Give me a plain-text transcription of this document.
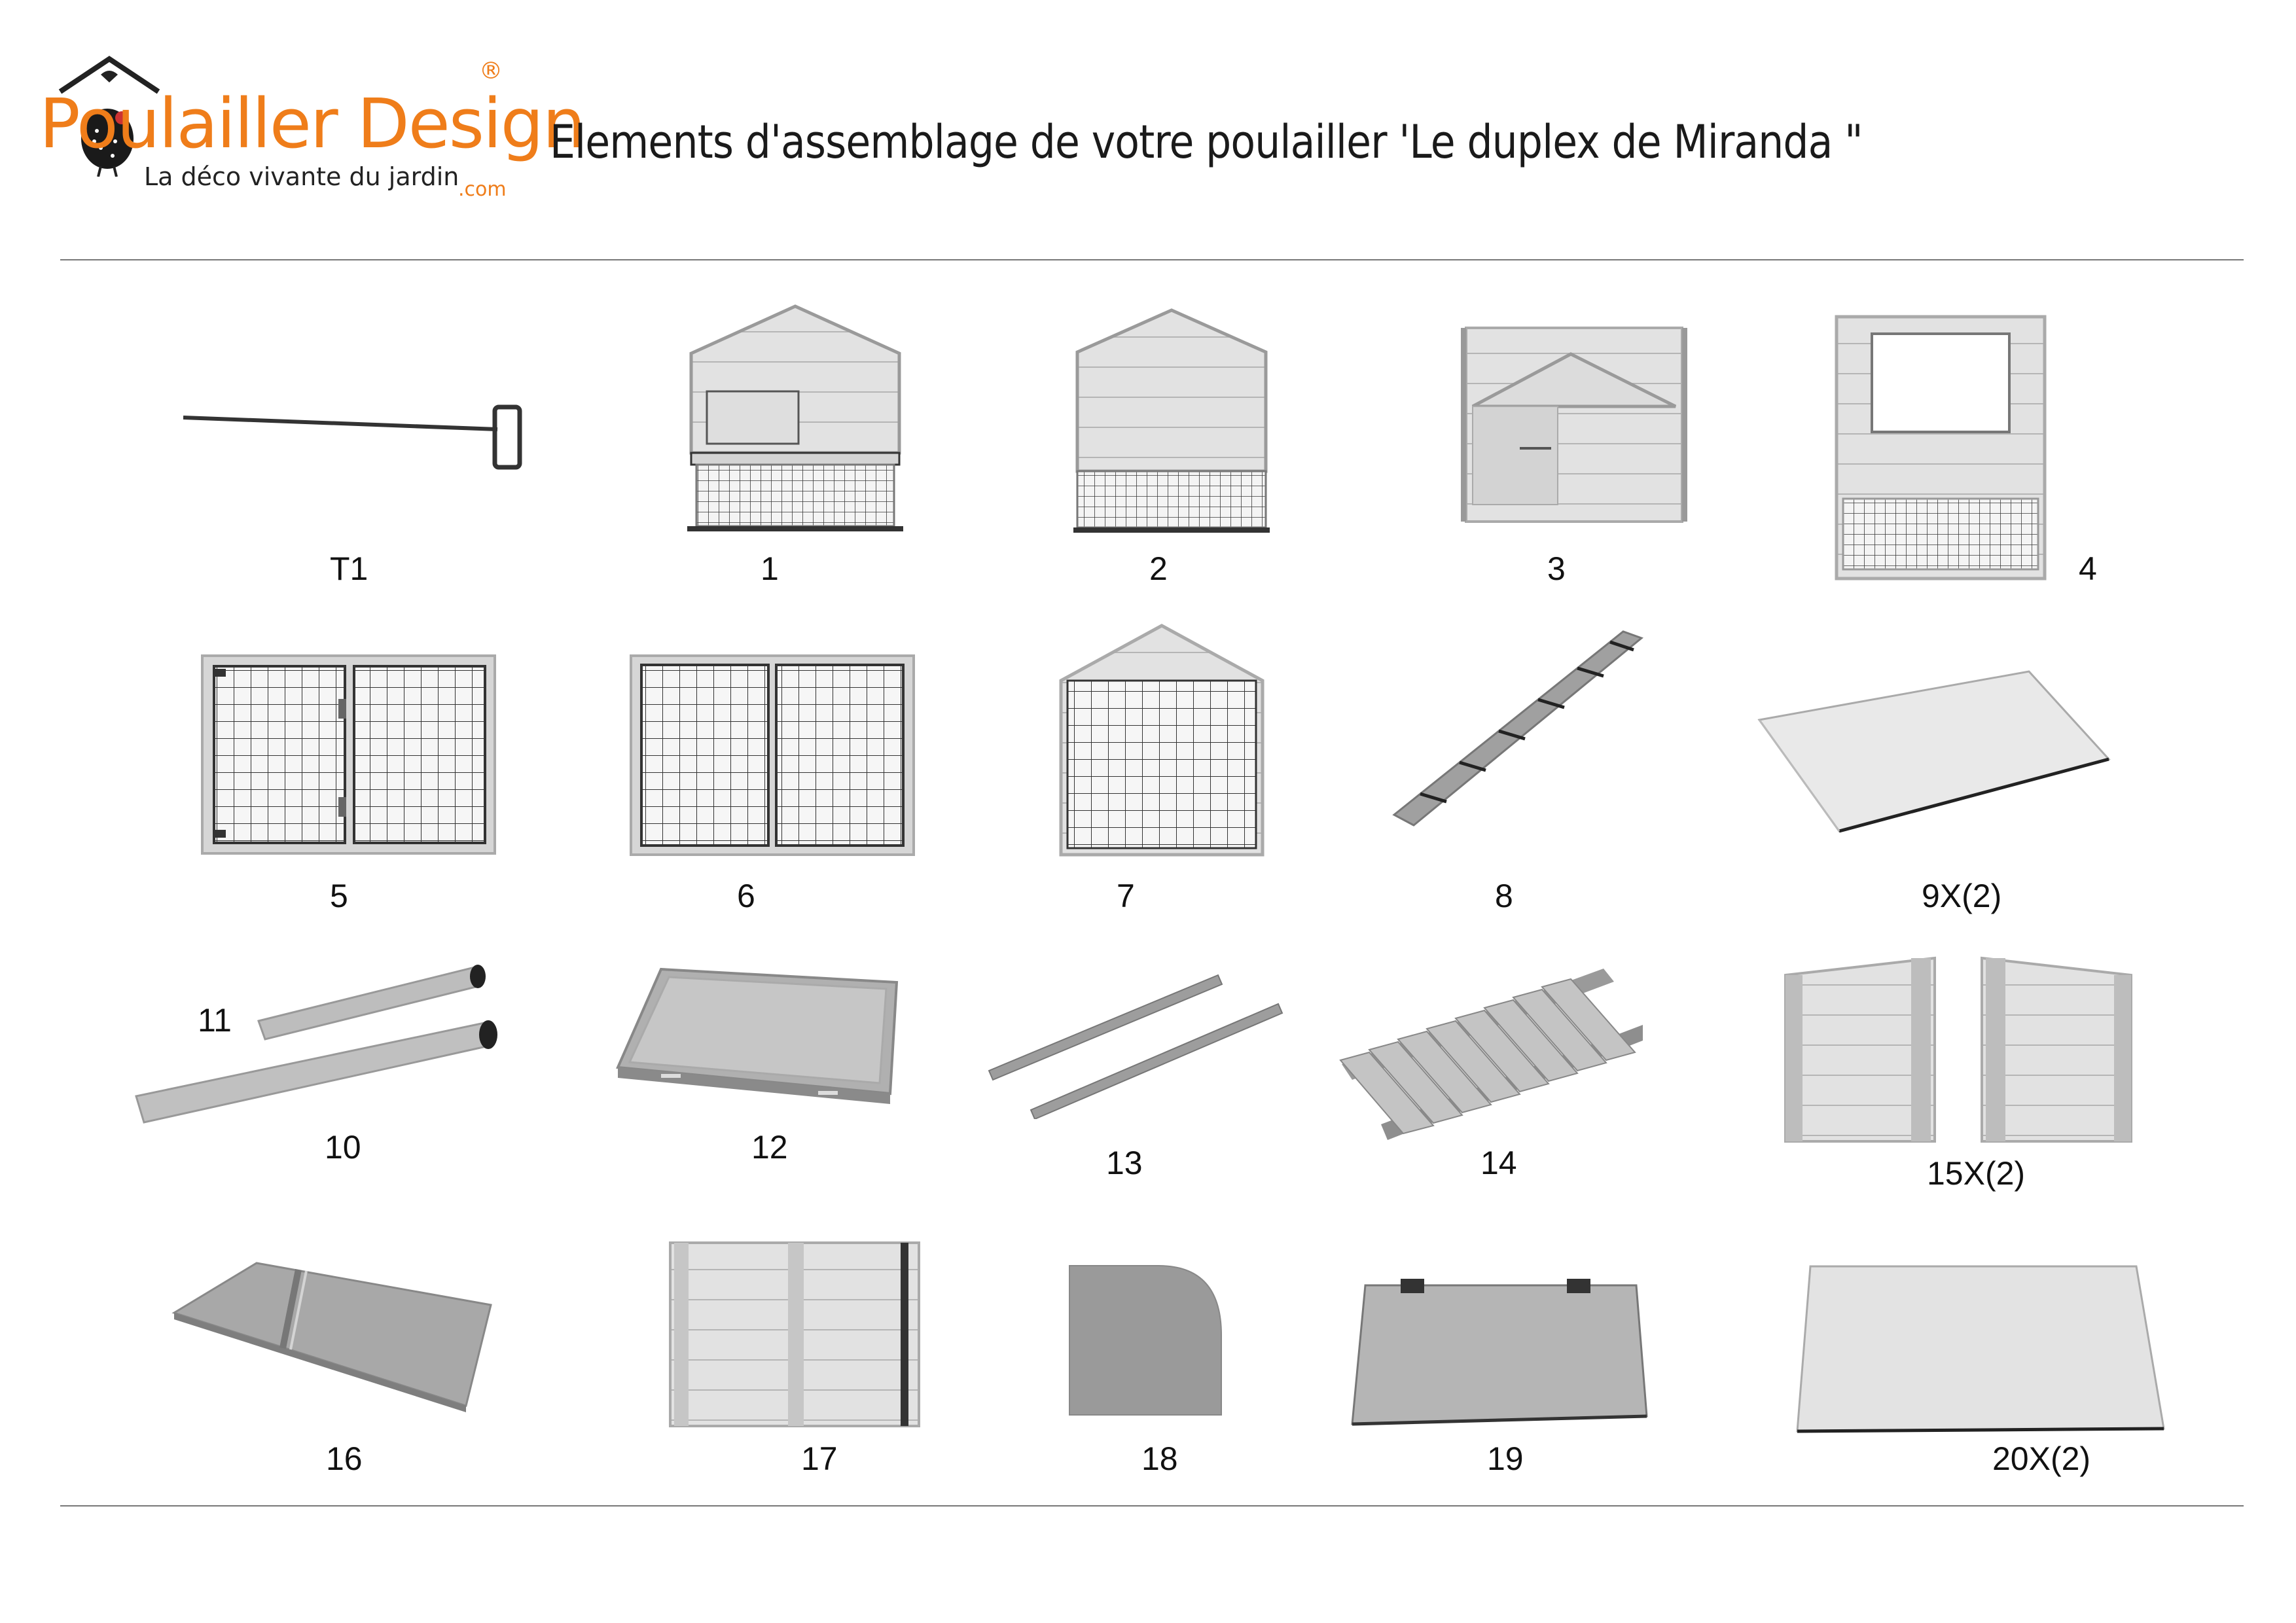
Poulailler Design
®
La déco vivante du jardin
.com
Elements d'assemblage de votre poulailler 'Le duplex de Miranda "
T1	1	2	3	4
5	6	7	8	9X(2)
11
10	12	13	14	15X(2)
16	17	18	19	20X(2)
